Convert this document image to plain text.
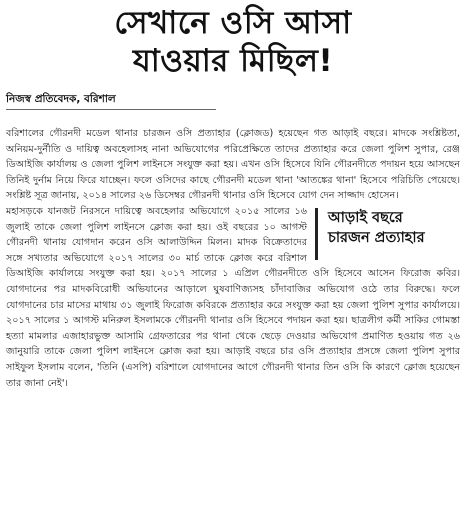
সেখানে ওসি আসা
যাওয়ার মিছিল!
নিজস্ব প্রতিবেদক, বরিশাল

বরিশালের গৌরনদী মডেল থানার চারজন ওসি প্রত্যাহার (ক্লোজড) হয়েছেন গত আড়াই বছরে। মাদকে সংশ্লিষ্টতা, অনিয়ম-দুর্নীতি ও দায়িত্ব অবহেলাসহ নানা অভিযোগের পরিপ্রেক্ষিতে তাদের প্রত্যাহার করে জেলা পুলিশ সুপার, রেঞ্জ ডিআইজি কার্যালয় ও জেলা পুলিশ লাইনসে সংযুক্ত করা হয়। এখন ওসি হিসেবে যিনি গৌরনদীতে পদায়ন হয়ে আসছেন তিনিই দুর্নাম নিয়ে ফিরে যাচ্ছেন। ফলে ওসিদের কাছে গৌরনদী মডেল থানা 'আতঙ্কের থানা' হিসেবে পরিচিতি পেয়েছে। সংশ্লিষ্ট সূত্র জানায়, ২০১৪ সালের ২৬ ডিসেম্বর গৌরনদী থানার ওসি হিসেবে যোগ দেন সাজ্জাদ হোসেন।

আড়াই বছরে
চারজন প্রত্যাহার

মহাসড়কে যানজট নিরসনে দায়িত্বে অবহেলার অভিযোগে ২০১৫ সালের ১৬ জুলাই তাকে জেলা পুলিশ লাইনসে ক্লোজ করা হয়। ওই বছরের ১০ আগস্ট গৌরনদী থানায় যোগদান করেন ওসি আলাউদ্দিন মিলন। মাদক বিক্রেতাদের সঙ্গে সখ্যতার অভিযোগে ২০১৭ সালের ৩০ মার্চ তাকে ক্লোজ করে বরিশাল ডিআইজি কার্যালয়ে সংযুক্ত করা হয়। ২০১৭ সালের ১ এপ্রিল গৌরনদীতে ওসি হিসেবে আসেন ফিরোজ কবির। যোগদানের পর মাদকবিরোধী অভিযানের আড়ালে ঘুষবাণিজ্যসহ চাঁদাবাজির অভিযোগ ওঠে তার বিরুদ্ধে। ফলে যোগদানের চার মাসের মাথায় ৩১ জুলাই ফিরোজ কবিরকে প্রত্যাহার করে সংযুক্ত করা হয় জেলা পুলিশ সুপার কার্যালয়ে। ২০১৭ সালের ১ আগস্ট মনিরুল ইসলামকে গৌরনদী থানার ওসি হিসেবে পদায়ন করা হয়। ছাত্রলীগ কর্মী সাকির গোমস্তা হত্যা মামলার এজাহারভুক্ত আসামি গ্রেফতারের পর থানা থেকে ছেড়ে দেওয়ার অভিযোগ প্রমাণিত হওয়ায় গত ২৬ জানুয়ারি তাকে জেলা পুলিশ লাইনসে ক্লোজ করা হয়। আড়াই বছরে চার ওসি প্রত্যাহার প্রসঙ্গে জেলা পুলিশ সুপার সাইফুল ইসলাম বলেন, 'তিনি (এসপি) বরিশালে যোগদানের আগে গৌরনদী থানার তিন ওসি কি কারণে ক্লোজ হয়েছেন তার জানা নেই'।
